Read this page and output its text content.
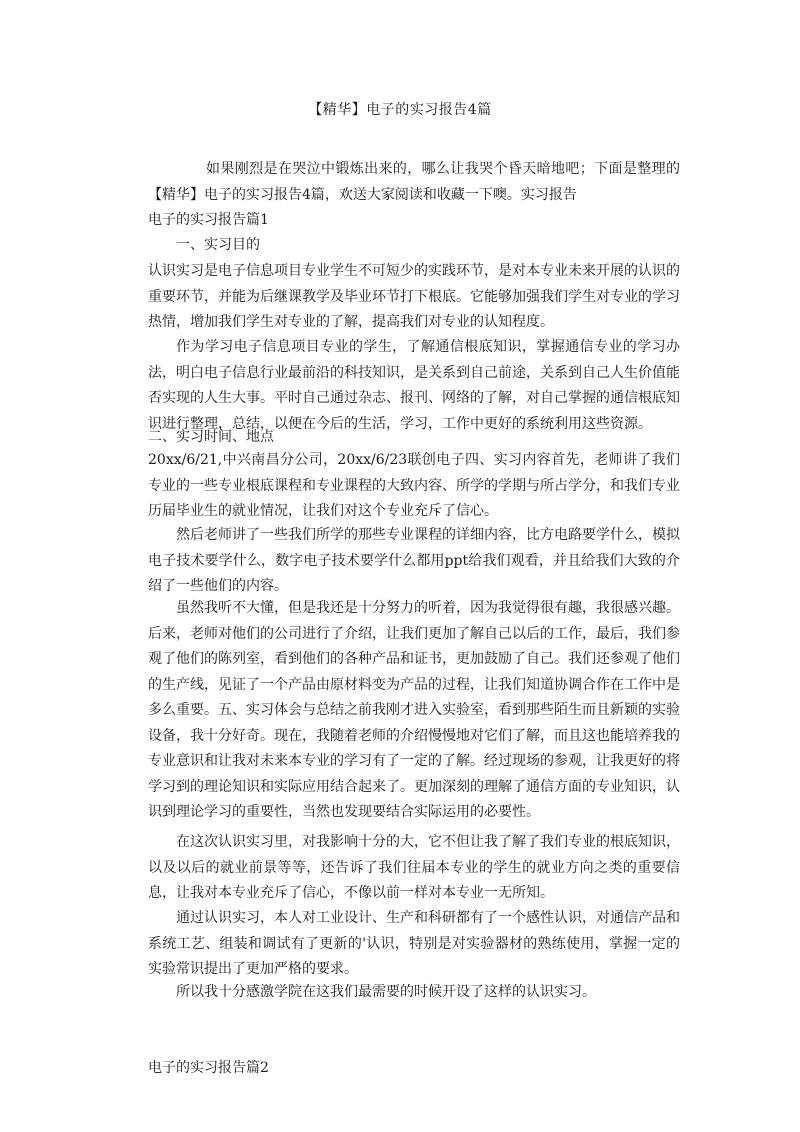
【精华】电子的实习报告4篇

如果刚烈是在哭泣中锻炼出来的，哪么让我哭个昏天暗地吧；下面是整理的【精华】电子的实习报告4篇，欢送大家阅读和收藏一下噢。实习报告

电子的实习报告篇1

一、实习目的

认识实习是电子信息项目专业学生不可短少的实践环节，是对本专业未来开展的认识的重要环节，并能为后继课教学及毕业环节打下根底。它能够加强我们学生对专业的学习热情，增加我们学生对专业的了解，提高我们对专业的认知程度。

作为学习电子信息项目专业的学生，了解通信根底知识，掌握通信专业的学习办法，明白电子信息行业最前沿的科技知识，是关系到自己前途，关系到自己人生价值能否实现的人生大事。平时自己通过杂志、报刊、网络的了解，对自己掌握的通信根底知识进行整理，总结，以便在今后的生活，学习，工作中更好的系统利用这些资源。

二、实习时间、地点

20xx/6/21,中兴南昌分公司，20xx/6/23联创电子四、实习内容首先，老师讲了我们专业的一些专业根底课程和专业课程的大致内容、所学的学期与所占学分，和我们专业历届毕业生的就业情况，让我们对这个专业充斥了信心。

然后老师讲了一些我们所学的那些专业课程的详细内容，比方电路要学什么，模拟电子技术要学什么，数字电子技术要学什么都用ppt给我们观看，并且给我们大致的介绍了一些他们的内容。

虽然我听不大懂，但是我还是十分努力的听着，因为我觉得很有趣，我很感兴趣。后来，老师对他们的公司进行了介绍，让我们更加了解自己以后的工作，最后，我们参观了他们的陈列室，看到他们的各种产品和证书，更加鼓励了自己。我们还参观了他们的生产线，见证了一个产品由原材料变为产品的过程，让我们知道协调合作在工作中是多么重要。五、实习体会与总结之前我刚才进入实验室，看到那些陌生而且新颖的实验设备，我十分好奇。现在，我随着老师的介绍慢慢地对它们了解，而且这也能培养我的专业意识和让我对未来本专业的学习有了一定的了解。经过现场的参观，让我更好的将学习到的理论知识和实际应用结合起来了。更加深刻的理解了通信方面的专业知识，认识到理论学习的重要性，当然也发现要结合实际运用的必要性。

在这次认识实习里，对我影响十分的大，它不但让我了解了我们专业的根底知识，以及以后的就业前景等等，还告诉了我们往届本专业的学生的就业方向之类的重要信息，让我对本专业充斥了信心，不像以前一样对本专业一无所知。

通过认识实习，本人对工业设计、生产和科研都有了一个感性认识，对通信产品和系统工艺、组装和调试有了更新的'认识，特别是对实验器材的熟练使用，掌握一定的实验常识提出了更加严格的要求。

所以我十分感激学院在这我们最需要的时候开设了这样的认识实习。

电子的实习报告篇2
